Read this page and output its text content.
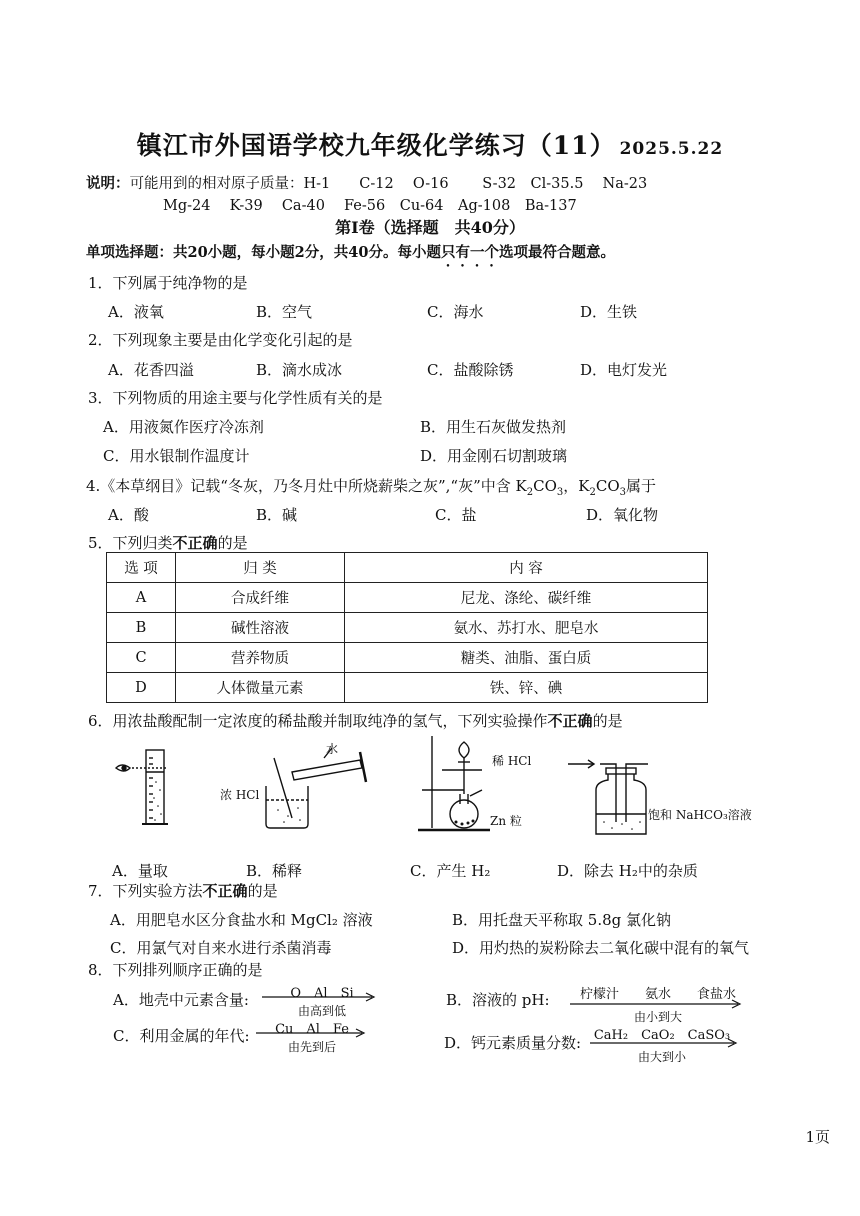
镇江市外国语学校九年级化学练习（11） 2025.5.22
说明：可能用到的相对原子质量：H-1　　C-12　 O-16　　 S-32　Cl-35.5　 Na-23
Mg-24　 K-39　 Ca-40　 Fe-56　Cu-64　Ag-108　Ba-137
第Ⅰ卷（选择题　共40分）
单项选择题：共20小题，每小题2分，共40分。每小题只有一个选项最符合题意。
1．下列属于纯净物的是
A．液氧	B．空气	C．海水	D．生铁
2．下列现象主要是由化学变化引起的是
A．花香四溢	B．滴水成冰	C．盐酸除锈	D．电灯发光
3．下列物质的用途主要与化学性质有关的是
A．用液氮作医疗冷冻剂	B．用生石灰做发热剂
C．用水银制作温度计	D．用金刚石切割玻璃
4.《本草纲目》记载“冬灰，乃冬月灶中所烧薪柴之灰”,“灰”中含 $K_2CO_3$，$K_2CO_3$属于
A．酸	B．碱	C．盐	D．氧化物
5．下列归类不正确的是
选 项	归 类	内 容
A	合成纤维	尼龙、涤纶、碳纤维
B	碱性溶液	氨水、苏打水、肥皂水
C	营养物质	糖类、油脂、蛋白质
D	人体微量元素	铁、锌、碘
6．用浓盐酸配制一定浓度的稀盐酸并制取纯净的氢气，下列实验操作不正确的是
水
浓 HCl
稀 HCl
Zn 粒	饱和 NaHCO₃溶液
A．量取	B．稀释	C．产生 H₂	D．除去 H₂中的杂质
7．下列实验方法不正确的是
A．用肥皂水区分食盐水和 MgCl₂ 溶液	B．用托盘天平称取 5.8g 氯化钠
C．用氯气对自来水进行杀菌消毒	D．用灼热的炭粉除去二氧化碳中混有的氧气
8．下列排列顺序正确的是
A．地壳中元素含量:	O　Al　Si
由高到低
B．溶液的 pH: 柠檬汁　　氨水　　食盐水
由小到大
C．利用金属的年代:	Cu　Al　Fe
由先到后	D．钙元素质量分数: CaH₂　CaO₂　CaSO₃
由大到小
1页
